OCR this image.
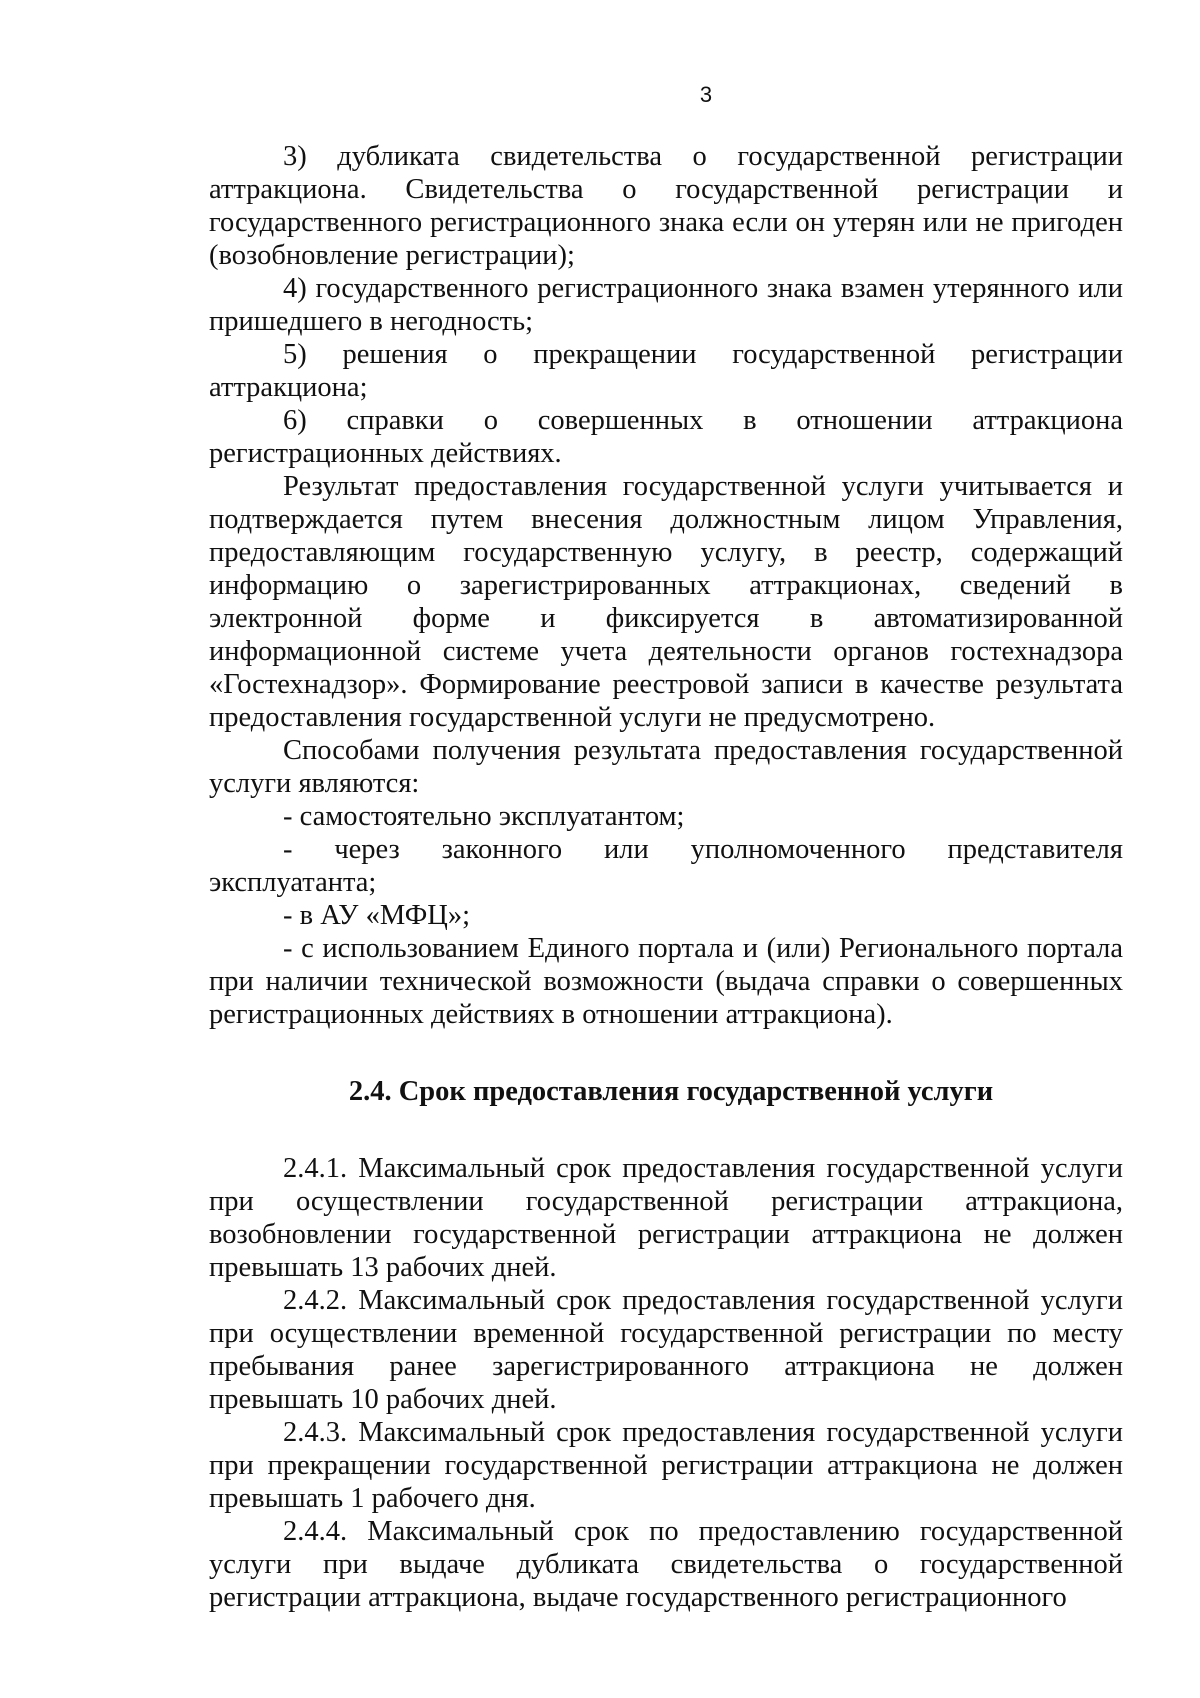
3

3) дубликата свидетельства о государственной регистрации аттракциона. Свидетельства о государственной регистрации и государственного регистрационного знака если он утерян или не пригоден (возобновление регистрации);

4) государственного регистрационного знака взамен утерянного или пришедшего в негодность;

5) решения о прекращении государственной регистрации аттракциона;

6) справки о совершенных в отношении аттракциона регистрационных действиях.

Результат предоставления государственной услуги учитывается и подтверждается путем внесения должностным лицом Управления, предоставляющим государственную услугу, в реестр, содержащий информацию о зарегистрированных аттракционах, сведений в электронной форме и фиксируется в автоматизированной информационной системе учета деятельности органов гостехнадзора «Гостехнадзор». Формирование реестровой записи в качестве результата предоставления государственной услуги не предусмотрено.

Способами получения результата предоставления государственной услуги являются:

- самостоятельно эксплуатантом;

- через законного или уполномоченного представителя эксплуатанта;

- в АУ «МФЦ»;

- с использованием Единого портала и (или) Регионального портала при наличии технической возможности (выдача справки о совершенных регистрационных действиях в отношении аттракциона).

2.4. Срок предоставления государственной услуги

2.4.1. Максимальный срок предоставления государственной услуги при осуществлении государственной регистрации аттракциона, возобновлении государственной регистрации аттракциона не должен превышать 13 рабочих дней.

2.4.2. Максимальный срок предоставления государственной услуги при осуществлении временной государственной регистрации по месту пребывания ранее зарегистрированного аттракциона не должен превышать 10 рабочих дней.

2.4.3. Максимальный срок предоставления государственной услуги при прекращении государственной регистрации аттракциона не должен превышать 1 рабочего дня.

2.4.4. Максимальный срок по предоставлению государственной услуги при выдаче дубликата свидетельства о государственной регистрации аттракциона, выдаче государственного регистрационного
